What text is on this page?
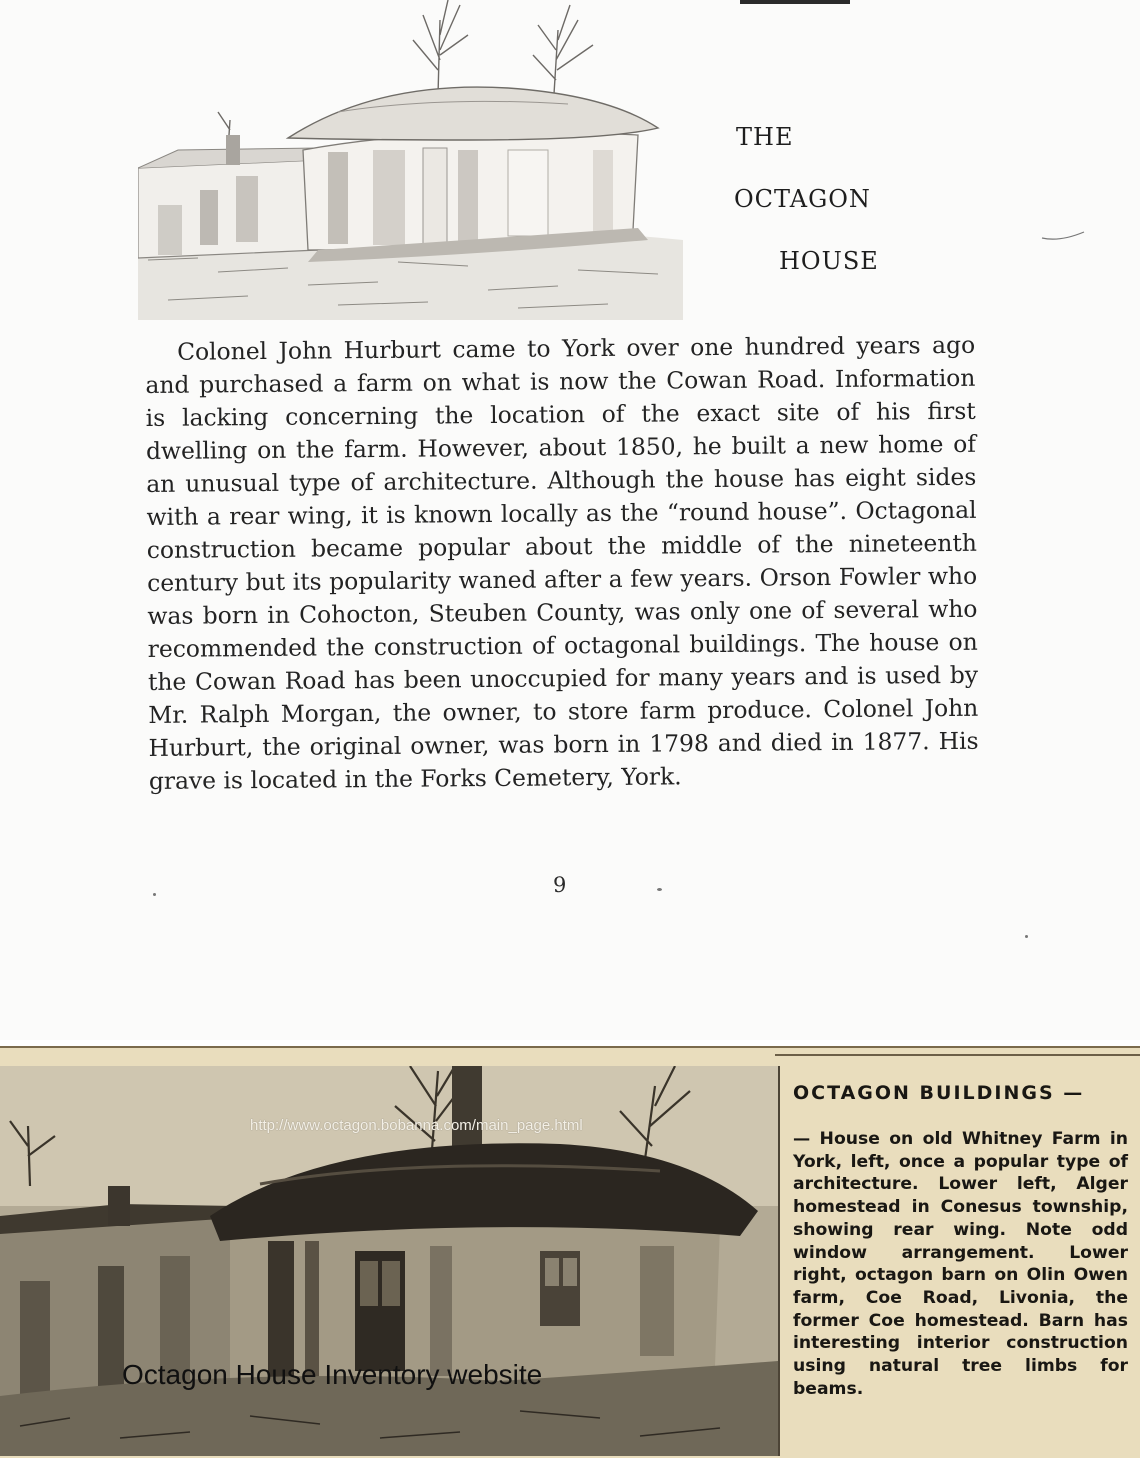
THE
OCTAGON
HOUSE

Colonel John Hurburt came to York over one hundred years ago and purchased a farm on what is now the Cowan Road. Information is lacking concerning the location of the exact site of his first dwelling on the farm. However, about 1850, he built a new home of an unusual type of architecture. Although the house has eight sides with a rear wing, it is known locally as the “round house”. Octagonal construction became popular about the middle of the nineteenth century but its popularity waned after a few years. Orson Fowler who was born in Cohocton, Steuben County, was only one of several who recommended the construction of octagonal buildings. The house on the Cowan Road has been unoccupied for many years and is used by Mr. Ralph Morgan, the owner, to store farm produce. Colonel John Hurburt, the original owner, was born in 1798 and died in 1877. His grave is located in the Forks Cemetery, York.

9
http://www.octagon.bobanna.com/main_page.html
Octagon House Inventory website
OCTAGON BUILDINGS —

— House on old Whitney Farm in York, left, once a popular type of architecture. Lower left, Alger homestead in Conesus township, showing rear wing. Note odd window arrangement. Lower right, octagon barn on Olin Owen farm, Coe Road, Livonia, the former Coe homestead. Barn has interesting interior construction using natural tree limbs for beams.
